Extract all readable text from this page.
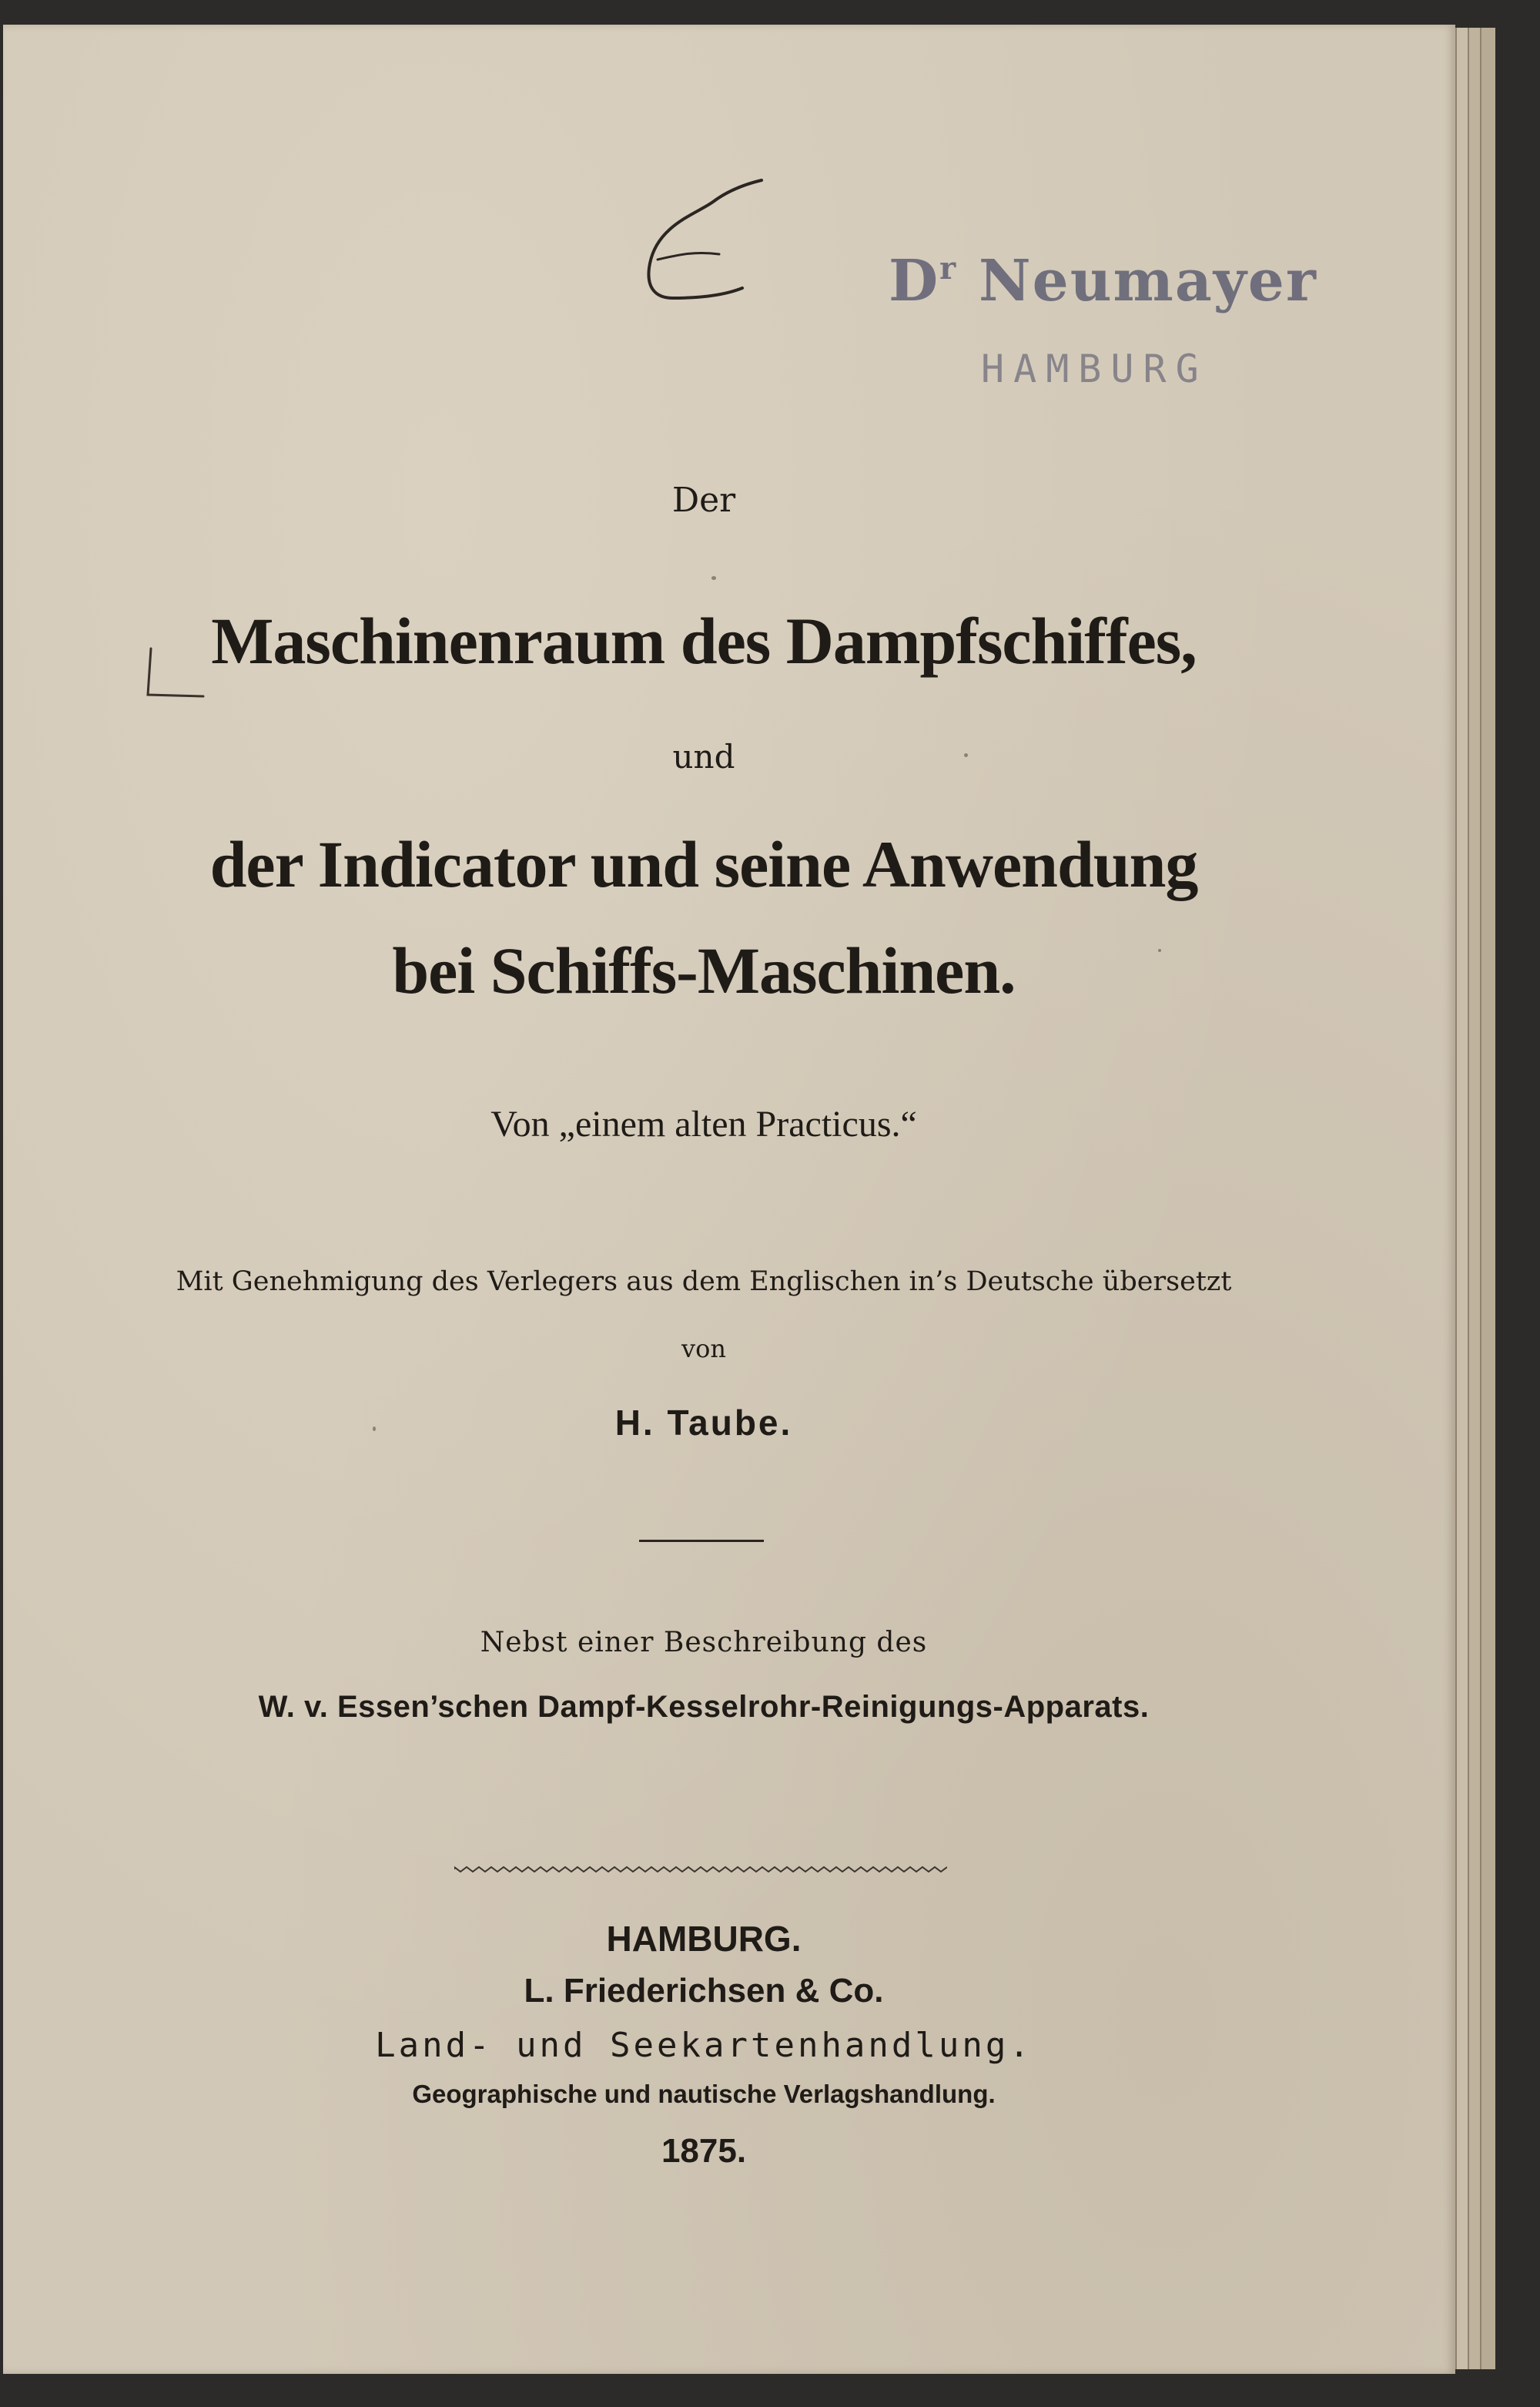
$D^r$ Neumayer
HAMBURG
Der
Maschinenraum des Dampfschiffes,
und
der Indicator und seine Anwendung
bei Schiffs-Maschinen.
Von „einem alten Practicus.“
Mit Genehmigung des Verlegers aus dem Englischen in’s Deutsche übersetzt
von
H. Taube.
Nebst einer Beschreibung des
W. v. Essen’schen Dampf-Kesselrohr-Reinigungs-Apparats.
HAMBURG.
L. Friederichsen & Co.
Land- und Seekartenhandlung.
Geographische und nautische Verlagshandlung.
1875.
